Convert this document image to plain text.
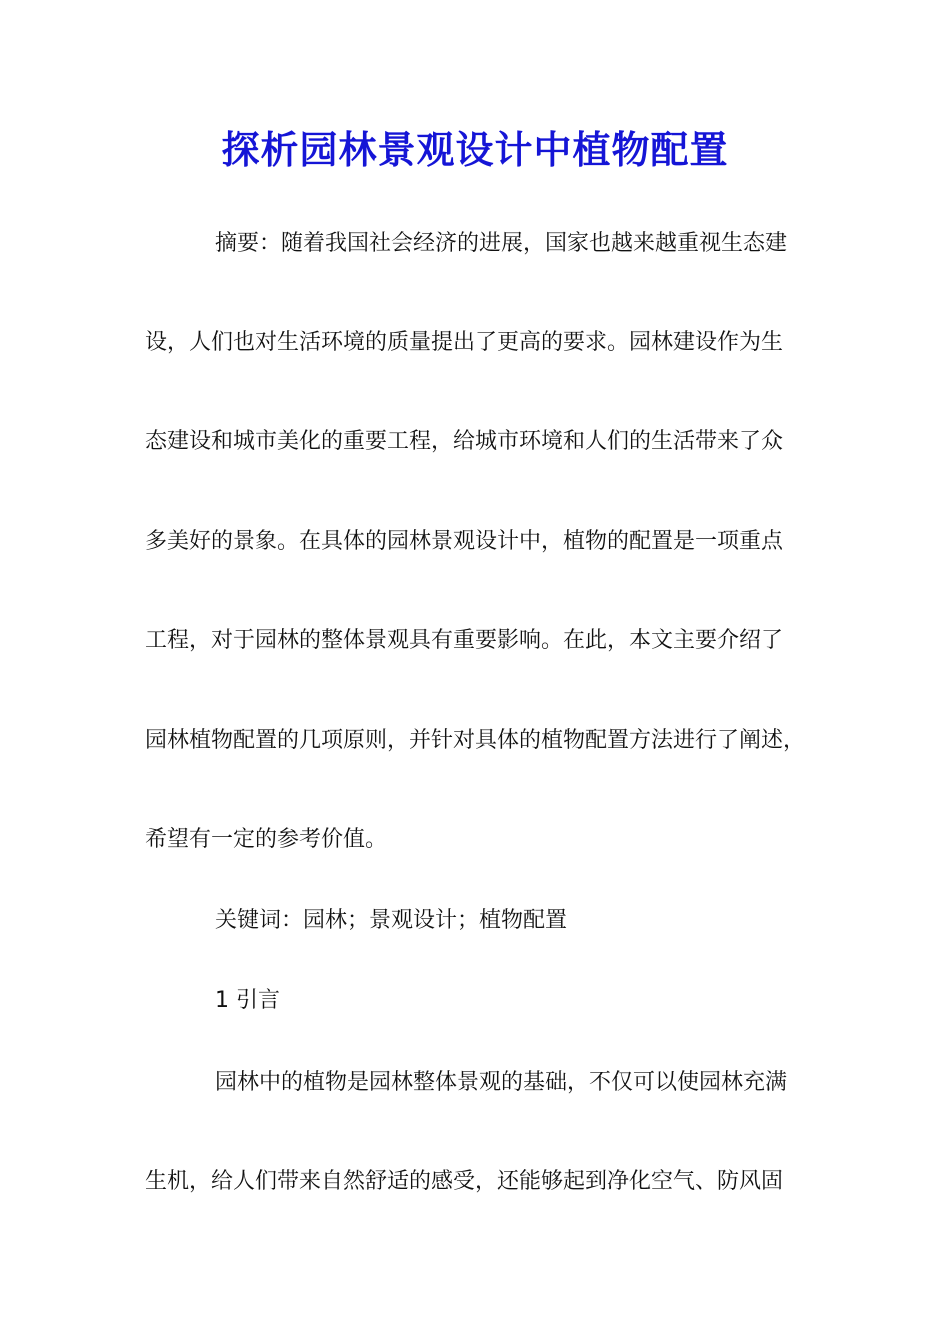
探析园林景观设计中植物配置
摘要：随着我国社会经济的进展，国家也越来越重视生态建
设，人们也对生活环境的质量提出了更高的要求。园林建设作为生
态建设和城市美化的重要工程，给城市环境和人们的生活带来了众
多美好的景象。在具体的园林景观设计中，植物的配置是一项重点
工程，对于园林的整体景观具有重要影响。在此，本文主要介绍了
园林植物配置的几项原则，并针对具体的植物配置方法进行了阐述，
希望有一定的参考价值。
关键词：园林；景观设计；植物配置
1 引言
园林中的植物是园林整体景观的基础，不仅可以使园林充满
生机，给人们带来自然舒适的感受，还能够起到净化空气、防风固
